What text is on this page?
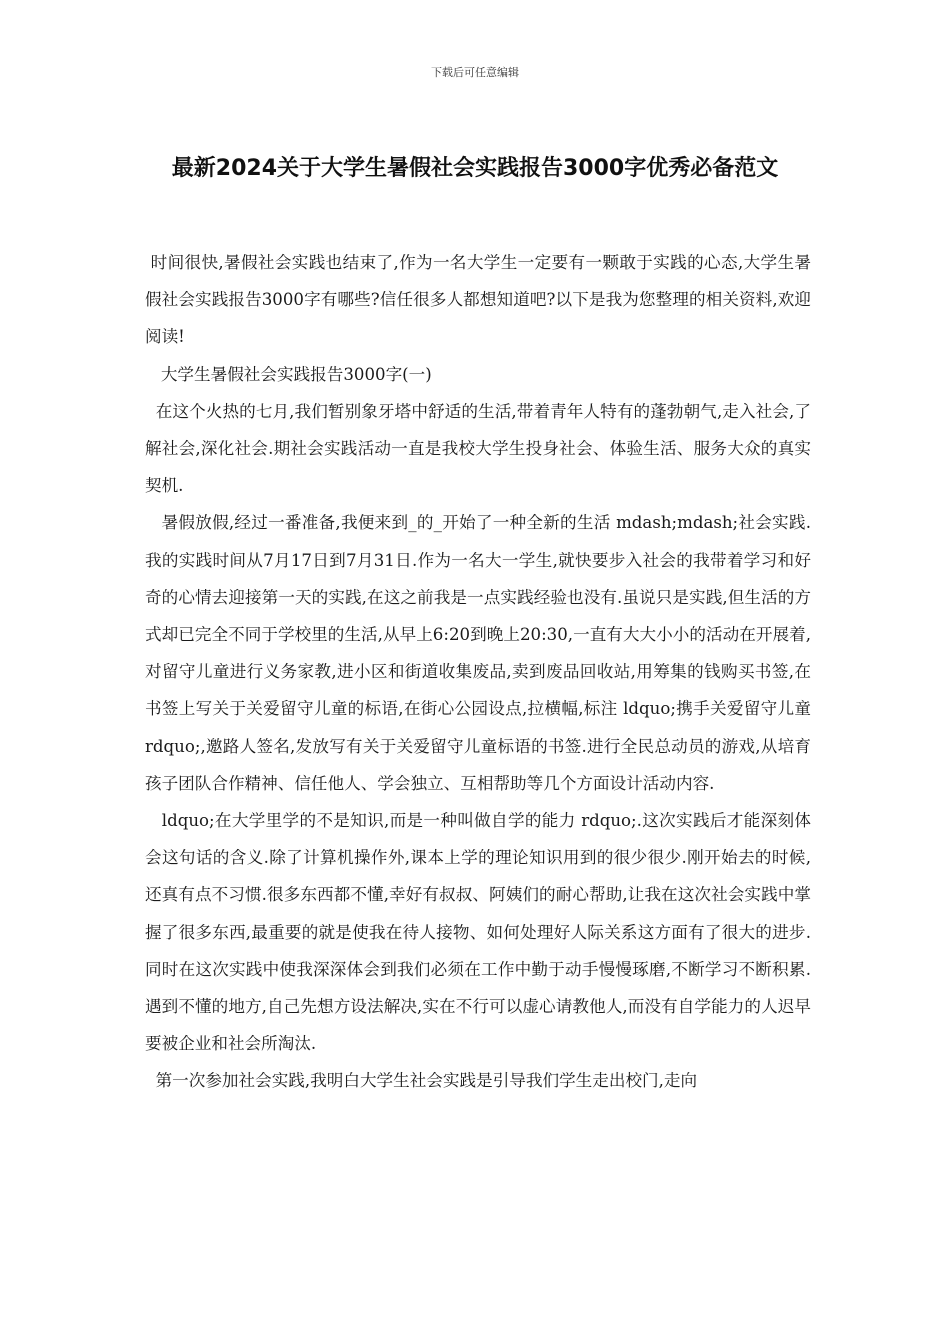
下载后可任意编辑
最新2024关于大学生暑假社会实践报告3000字优秀必备范文

时间很快,暑假社会实践也结束了,作为一名大学生一定要有一颗敢于实践的心态,大学生暑假社会实践报告3000字有哪些?信任很多人都想知道吧?以下是我为您整理的相关资料,欢迎阅读!

大学生暑假社会实践报告3000字(一)

在这个火热的七月,我们暂别象牙塔中舒适的生活,带着青年人特有的蓬勃朝气,走入社会,了解社会,深化社会.期社会实践活动一直是我校大学生投身社会、体验生活、服务大众的真实契机.

暑假放假,经过一番准备,我便来到_的_开始了一种全新的生活 mdash;mdash;社会实践.我的实践时间从7月17日到7月31日.作为一名大一学生,就快要步入社会的我带着学习和好奇的心情去迎接第一天的实践,在这之前我是一点实践经验也没有.虽说只是实践,但生活的方式却已完全不同于学校里的生活,从早上6:20到晚上20:30,一直有大大小小的活动在开展着,对留守儿童进行义务家教,进小区和街道收集废品,卖到废品回收站,用筹集的钱购买书签,在书签上写关于关爱留守儿童的标语,在街心公园设点,拉横幅,标注 ldquo;携手关爱留守儿童 rdquo;,邀路人签名,发放写有关于关爱留守儿童标语的书签.进行全民总动员的游戏,从培育孩子团队合作精神、信任他人、学会独立、互相帮助等几个方面设计活动内容.

ldquo;在大学里学的不是知识,而是一种叫做自学的能力 rdquo;.这次实践后才能深刻体会这句话的含义.除了计算机操作外,课本上学的理论知识用到的很少很少.刚开始去的时候,还真有点不习惯.很多东西都不懂,幸好有叔叔、阿姨们的耐心帮助,让我在这次社会实践中掌握了很多东西,最重要的就是使我在待人接物、如何处理好人际关系这方面有了很大的进步.同时在这次实践中使我深深体会到我们必须在工作中勤于动手慢慢琢磨,不断学习不断积累.遇到不懂的地方,自己先想方设法解决,实在不行可以虚心请教他人,而没有自学能力的人迟早要被企业和社会所淘汰.

第一次参加社会实践,我明白大学生社会实践是引导我们学生走出校门,走向
